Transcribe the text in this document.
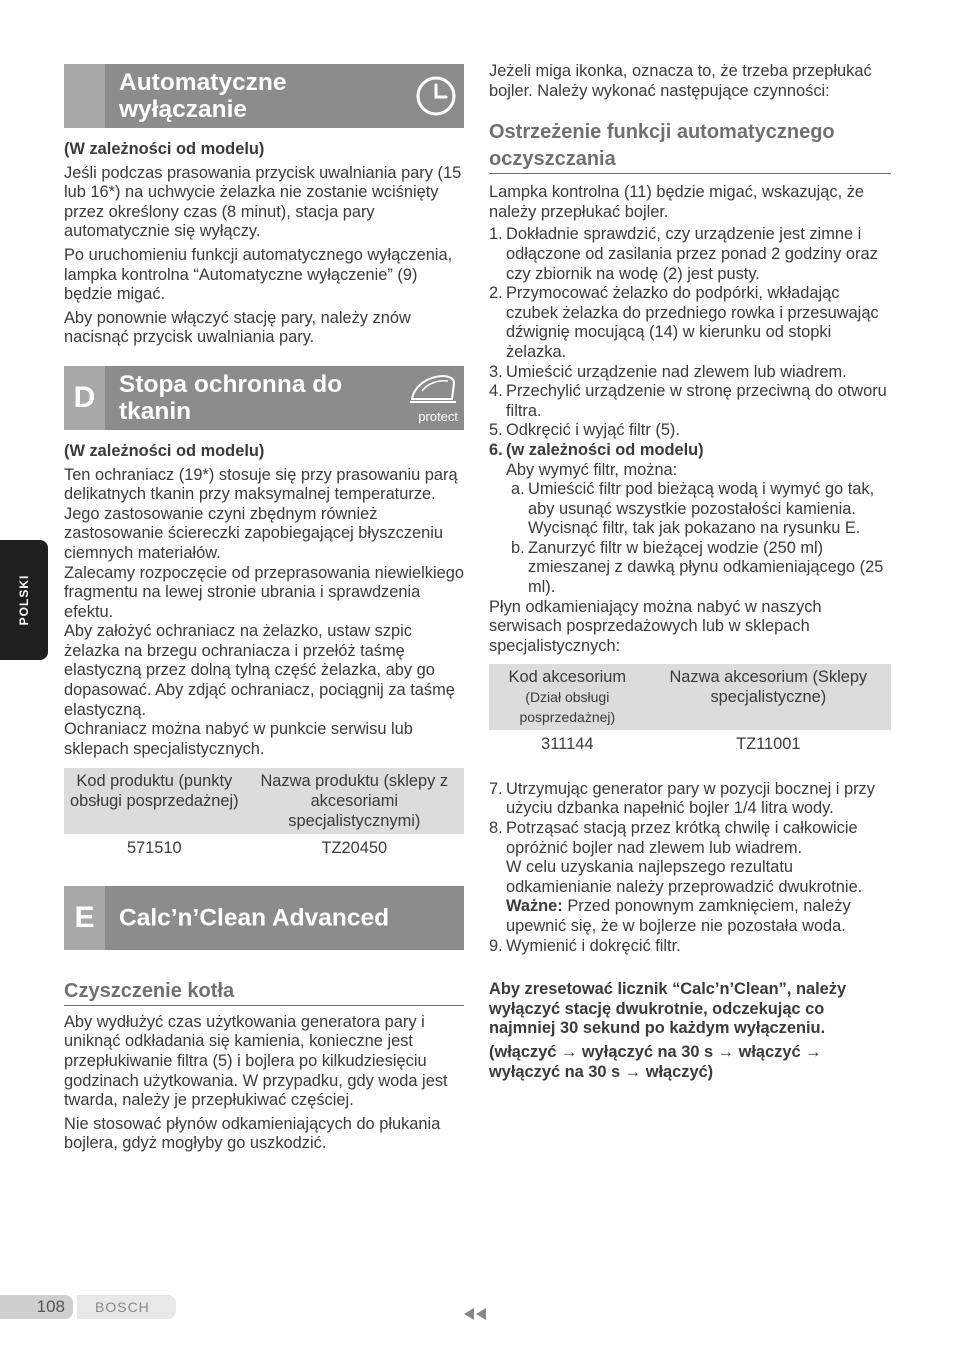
POLSKI
Automatyczne wyłączanie

(W zależności od modelu)

Jeśli podczas prasowania przycisk uwalniania pary (15 lub 16*) na uchwycie żelazka nie zostanie wciśnięty przez określony czas (8 minut), stacja pary automatycznie się wyłączy.

Po uruchomieniu funkcji automatycznego wyłączenia, lampka kontrolna “Automatyczne wyłączenie” (9) będzie migać.

Aby ponownie włączyć stację pary, należy znów nacisnąć przycisk uwalniania pary.

D Stopa ochronna do tkanin	protect

(W zależności od modelu)

Ten ochraniacz (19*) stosuje się przy prasowaniu parą delikatnych tkanin przy maksymalnej temperaturze.

Jego zastosowanie czyni zbędnym również zastosowanie ściereczki zapobiegającej błyszczeniu ciemnych materiałów.

Zalecamy rozpoczęcie od przeprasowania niewielkiego fragmentu na lewej stronie ubrania i sprawdzenia efektu.

Aby założyć ochraniacz na żelazko, ustaw szpic żelazka na brzegu ochraniacza i przełóż taśmę elastyczną przez dolną tylną część żelazka, aby go dopasować. Aby zdjąć ochraniacz, pociągnij za taśmę elastyczną.

Ochraniacz można nabyć w punkcie serwisu lub sklepach specjalistycznych.

Kod produktu (punkty obsługi posprzedażnej)	Nazwa produktu (sklepy z akcesoriami specjalistycznymi)
571510	TZ20450
E	Calc’n’Clean Advanced
Czyszczenie kotła

Aby wydłużyć czas użytkowania generatora pary i uniknąć odkładania się kamienia, konieczne jest przepłukiwanie filtra (5) i bojlera po kilkudziesięciu godzinach użytkowania. W przypadku, gdy woda jest twarda, należy je przepłukiwać częściej.

Nie stosować płynów odkamieniających do płukania bojlera, gdyż mogłyby go uszkodzić.

Jeżeli miga ikonka, oznacza to, że trzeba przepłukać bojler. Należy wykonać następujące czynności:

Ostrzeżenie funkcji automatycznego oczyszczania

Lampka kontrolna (11) będzie migać, wskazując, że należy przepłukać bojler.

1. Dokładnie sprawdzić, czy urządzenie jest zimne i odłączone od zasilania przez ponad 2 godziny oraz czy zbiornik na wodę (2) jest pusty.
2. Przymocować żelazko do podpórki, wkładając czubek żelazka do przedniego rowka i przesuwając dźwignię mocującą (14) w kierunku od stopki żelazka.
3. Umieścić urządzenie nad zlewem lub wiadrem.
4. Przechylić urządzenie w stronę przeciwną do otworu filtra.
5. Odkręcić i wyjąć filtr (5).
6. (w zależności od modelu)
Aby wymyć filtr, można:
a. Umieścić filtr pod bieżącą wodą i wymyć go tak, aby usunąć wszystkie pozostałości kamienia. Wycisnąć filtr, tak jak pokazano na rysunku E.
b. Zanurzyć filtr w bieżącej wodzie (250 ml) zmieszanej z dawką płynu odkamieniającego (25 ml).

Płyn odkamieniający można nabyć w naszych serwisach posprzedażowych lub w sklepach specjalistycznych:

Kod akcesorium
(Dział obsługi posprzedażnej)	Nazwa akcesorium (Sklepy specjalistyczne)
311144	TZ11001
7. Utrzymując generator pary w pozycji bocznej i przy użyciu dzbanka napełnić bojler 1/4 litra wody.
8. Potrząsać stacją przez krótką chwilę i całkowicie opróżnić bojler nad zlewem lub wiadrem.
W celu uzyskania najlepszego rezultatu odkamienianie należy przeprowadzić dwukrotnie.
Ważne: Przed ponownym zamknięciem, należy upewnić się, że w bojlerze nie pozostała woda.
9. Wymienić i dokręcić filtr.

Aby zresetować licznik “Calc’n’Clean”, należy wyłączyć stację dwukrotnie, odczekując co najmniej 30 sekund po każdym wyłączeniu.

(włączyć → wyłączyć na 30 s → włączyć → wyłączyć na 30 s → włączyć)

108	BOSCH
